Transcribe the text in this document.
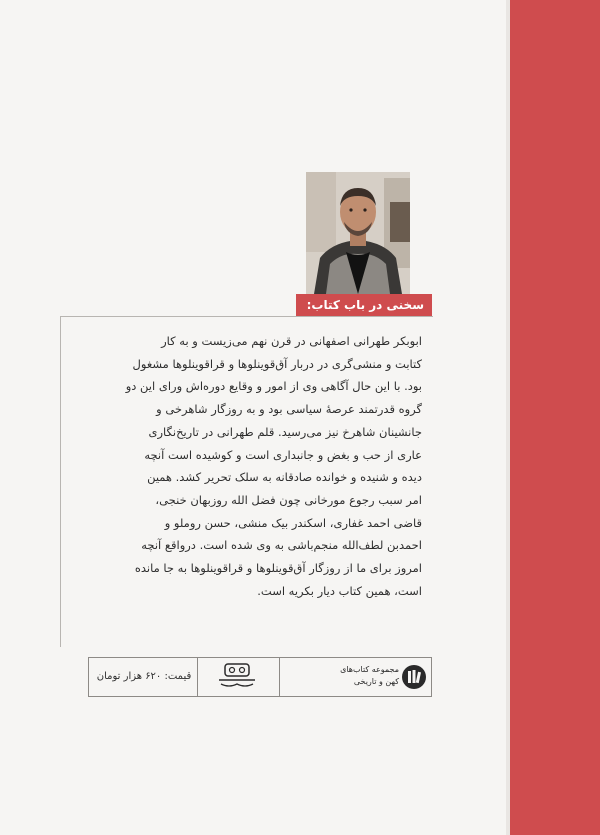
سخنی در باب کتاب:

ابوبکر طهرانی اصفهانی در قرن نهم می‌زیست و به کار

کتابت و منشی‌گری در دربار آق‌قوینلوها و قراقوینلوها مشغول

بود. با این حال آگاهی وی از امور و وقایع دوره‌اش ورای این دو

گروه قدرتمند عرصهٔ سیاسی بود و به روزگار شاهرخی و

جانشینان شاهرخ نیز می‌رسید. قلم طهرانی در تاریخ‌نگاری

عاری از حب و بغض و جانبداری است و کوشیده است آنچه

دیده و شنیده و خوانده صادقانه به سلک تحریر کشد. همین

امر سبب رجوع مورخانی چون فضل الله روزبهان خنجی،

قاضی احمد غفاری، اسکندر بیک منشی، حسن روملو و

احمدبن لطف‌الله منجم‌باشی به وی شده است. درواقع آنچه

امروز برای ما از روزگار آق‌قوینلوها و قراقوینلوها به جا مانده

است، همین کتاب دیار بکریه است.

قیمت: ۶۲۰ هزار تومان
مجموعه کتاب‌های
کهن و تاریخی
